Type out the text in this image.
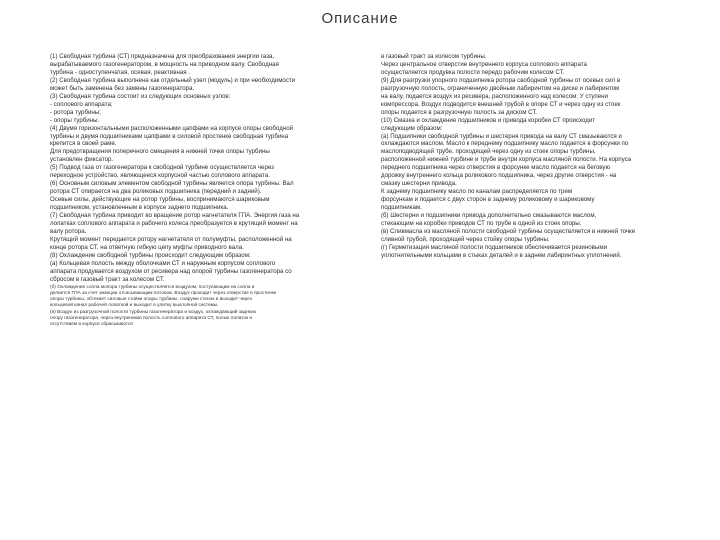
Описание

(1) Свободная турбина (СТ) предназначена для преобразования энергии газа,
вырабатываемого газогенератором, в мощность на приводном валу. Свободная
турбина - одноступенчатая, осевая, реактивная .

(2) Свободная турбина выполнена как отдельный узел (модуль) и при необходимости
может быть заменена без замены газогенератора.

(3) Свободная турбина состоит из следующих основных узлов:
- соплового аппарата;
- ротора турбины;
- опоры турбины.

(4) Двумя горизонтальными расположенными цапфами на корпусе опоры свободной
турбины и двумя подшипниками цапфами в силовой простенке свободная турбина
крепится в своей раме.
Для предотвращения поперечного смещения в нижней точке опоры турбины
установлен фиксатор.

(5) Подвод газа от газогенератора к свободной турбине осуществляется через
переходное устройство, являющееся корпусной частью соплового аппарата.

(6) Основным силовым элементом свободной турбины является опора турбины. Вал
ротора СТ опирается на два роликовых подшипника (передний и задний).
Осевые силы, действующие на ротор турбины, воспринимаются шариковым
подшипником, установленным в корпусе заднего подшипника.

(7) Свободная турбина приводит во вращение ротор нагнетателя ГПА. Энергия газа на
лопатках соплового аппарата и рабочего колеса преобразуется в крутящий момент на
валу ротора.
Крутящий момент передается ротору нагнетателя от полумуфты, расположенной на
конце ротора СТ, на ответную гибкую цепу муфты приводного вала.

(8) Охлаждение свободной турбины происходит следующим образом:
(а) Кольцевая полость между оболочками СТ и наружным корпусом соплового
аппарата продувается воздухом от ресивера над опорой турбины газогенератора со
сбросом в газовый тракт за колесом СТ.

(б) Охлаждение сопла мопора турбины осуществляется воздухом, поступающим на сопла и
делается ГПА за счет эжекции отсасывающим потоком. Воздух проходит через отверстие в простенке
опоры турбины, обтекает силовые стойки опоры турбины, снаружи стенок и выходит через
кольцевой канал рабочей лопаткой и выходит в улитку выхлопной системы.

(в) Воздух из разгрузочной полости турбины газогенератора и воздух, охлаждающий заднюю
опору газогенератора, через внутреннюю полость соплового аппарата СТ, полых лопаток и
отсутствием в корпусе сбрасываются

в газовый тракт за колесом турбины.
Через центральное отверстие внутреннего корпуса соплового аппарата
осуществляется продувка полости передо рабочим колесом СТ.

(9) Для разгрузки упорного подшипника ротора свободной турбины от осевых сил в
разгрузочную полость, ограниченную двойным лабиринтом на диске и лабиринтом
на валу, подается воздух из ресивера, расположенного над колесом. У ступени
компрессора. Воздух подводится внешней трубой в опоре СТ и через одну из стоек
опоры подается в разгрузочную полость за диском СТ.

(10) Смазка и охлаждение подшипников и привода коробки СТ происходит
следующим образом:
(а) Подшипники свободной турбины и шестерня привода на валу СТ смазываются и
охлаждаются маслом. Масло к переднему подшипнику масло подается в форсунки по
маслоподводящей трубе, проходящей через одну из стоек опоры турбины,
расположенной нижней турбине и трубе внутри корпуса масляной полости. На корпуса
переднего подшипника через отверстия в форсунке масло подается на беговую
дорожку внутреннего кольца роликового подшипника, через другие отверстия - на
смазку шестерни привода.
К заднему подшипнику масло по каналам распределяется по трем
форсункам и подается с двух сторон в заднему роликовому и шариковому
подшипникам.

(б) Шестерни и подшипники привода дополнительно смазываются маслом,
стекающим на коробки приводов СТ по трубе в одной из стоек опоры.

(в) Сливмасла из масляной полости свободной турбины осуществляется в нижней точке
сливной трубой, проходящей через стойку опоры турбины.

(г) Герметизация масляной полости подшипников обеспечивается резиновыми
уплотнительными кольцами в стыках деталей и в заднем лабиринтных уплотнений.
